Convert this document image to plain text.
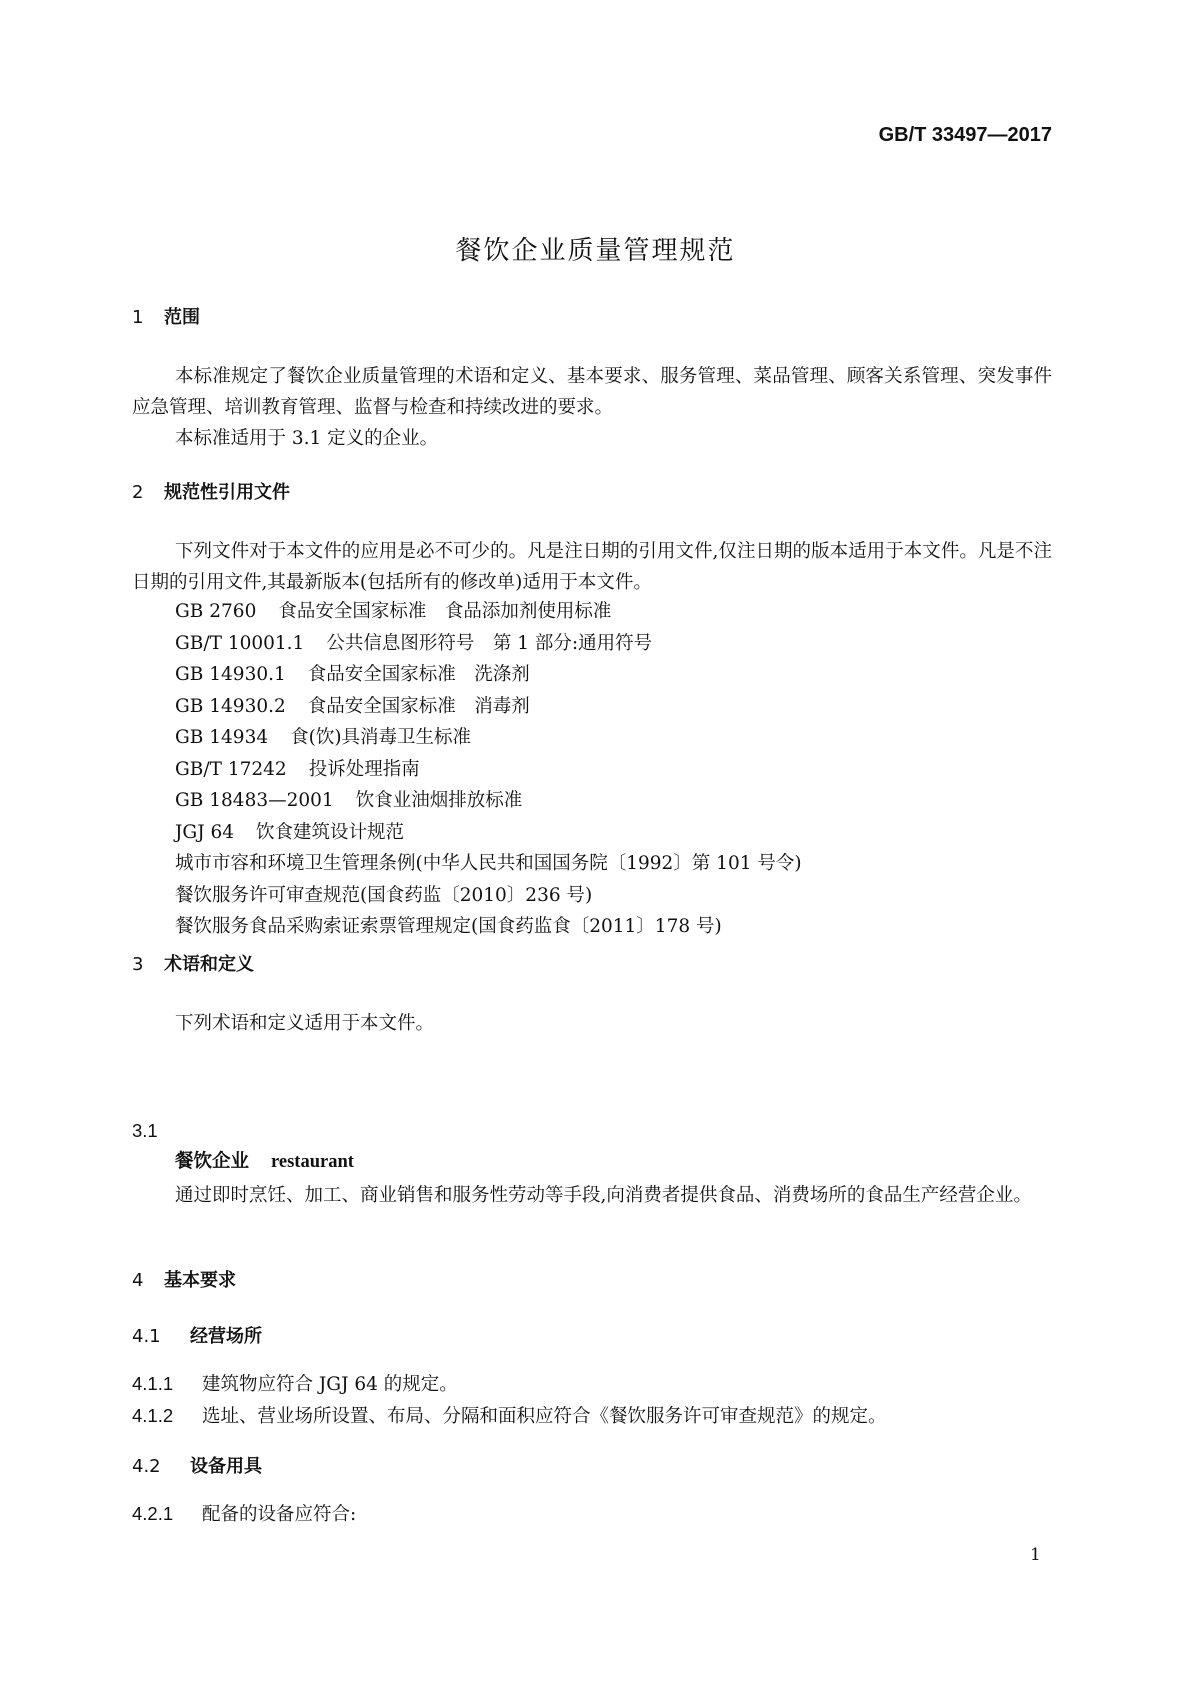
GB/T 33497—2017
餐饮企业质量管理规范
1 范围

本标准规定了餐饮企业质量管理的术语和定义、基本要求、服务管理、菜品管理、顾客关系管理、突发事件应急管理、培训教育管理、监督与检查和持续改进的要求。

本标准适用于 3.1 定义的企业。

2 规范性引用文件

下列文件对于本文件的应用是必不可少的。凡是注日期的引用文件,仅注日期的版本适用于本文件。凡是不注日期的引用文件,其最新版本(包括所有的修改单)适用于本文件。

GB 2760 食品安全国家标准　食品添加剂使用标准
GB/T 10001.1 公共信息图形符号　第 1 部分:通用符号
GB 14930.1 食品安全国家标准　洗涤剂
GB 14930.2 食品安全国家标准　消毒剂
GB 14934 食(饮)具消毒卫生标准
GB/T 17242 投诉处理指南
GB 18483—2001 饮食业油烟排放标准
JGJ 64 饮食建筑设计规范
城市市容和环境卫生管理条例(中华人民共和国国务院〔1992〕第 101 号令)
餐饮服务许可审查规范(国食药监〔2010〕236 号)
餐饮服务食品采购索证索票管理规定(国食药监食〔2011〕178 号)
3 术语和定义

下列术语和定义适用于本文件。

3.1
餐饮企业 restaurant

通过即时烹饪、加工、商业销售和服务性劳动等手段,向消费者提供食品、消费场所的食品生产经营企业。

4 基本要求
4.1 经营场所
4.1.1 建筑物应符合 JGJ 64 的规定。
4.1.2 选址、营业场所设置、布局、分隔和面积应符合《餐饮服务许可审查规范》的规定。
4.2 设备用具
4.2.1 配备的设备应符合:
1
